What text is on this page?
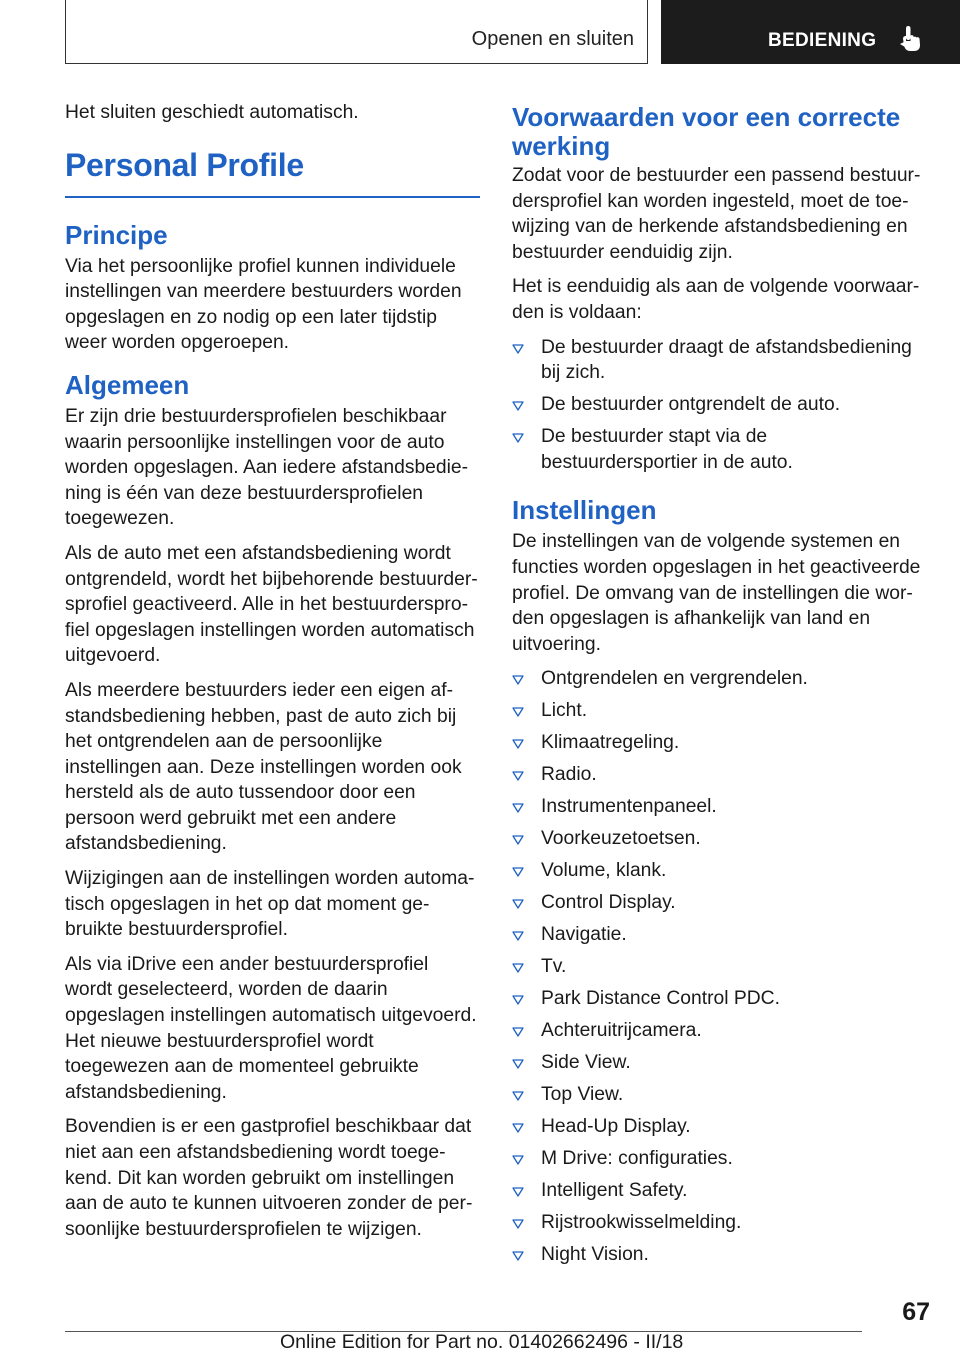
Openen en sluiten	BEDIENING

Het sluiten geschiedt automatisch.

Personal Profile
Principe

Via het persoonlijke profiel kunnen individuele instellingen van meerdere bestuurders worden opgeslagen en zo nodig op een later tijdstip weer worden opgeroepen.

Algemeen

Er zijn drie bestuurdersprofielen beschikbaar waarin persoonlijke instellingen voor de auto worden opgeslagen. Aan iedere afstandsbediening is één van deze bestuurdersprofielen toegewezen.

Als de auto met een afstandsbediening wordt ontgrendeld, wordt het bijbehorende bestuurdersprofiel geactiveerd. Alle in het bestuurdersprofiel opgeslagen instellingen worden automatisch uitgevoerd.

Als meerdere bestuurders ieder een eigen afstandsbediening hebben, past de auto zich bij het ontgrendelen aan de persoonlijke instellingen aan. Deze instellingen worden ook hersteld als de auto tussendoor door een persoon werd gebruikt met een andere afstandsbediening.

Wijzigingen aan de instellingen worden automatisch opgeslagen in het op dat moment gebruikte bestuurdersprofiel.

Als via iDrive een ander bestuurdersprofiel wordt geselecteerd, worden de daarin opgeslagen instellingen automatisch uitgevoerd. Het nieuwe bestuurdersprofiel wordt toegewezen aan de momenteel gebruikte afstandsbediening.

Bovendien is er een gastprofiel beschikbaar dat niet aan een afstandsbediening wordt toegekend. Dit kan worden gebruikt om instellingen aan de auto te kunnen uitvoeren zonder de persoonlijke bestuurdersprofielen te wijzigen.

Voorwaarden voor een correcte werking

Zodat voor de bestuurder een passend bestuurdersprofiel kan worden ingesteld, moet de toewijzing van de herkende afstandsbediening en bestuurder eenduidig zijn.

Het is eenduidig als aan de volgende voorwaarden is voldaan:

De bestuurder draagt de afstandsbediening bij zich.
De bestuurder ontgrendelt de auto.
De bestuurder stapt via de bestuurdersportier in de auto.
Instellingen

De instellingen van de volgende systemen en functies worden opgeslagen in het geactiveerde profiel. De omvang van de instellingen die worden opgeslagen is afhankelijk van land en uitvoering.

Ontgrendelen en vergrendelen.
Licht.
Klimaatregeling.
Radio.
Instrumentenpaneel.
Voorkeuzetoetsen.
Volume, klank.
Control Display.
Navigatie.
Tv.
Park Distance Control PDC.
Achteruitrijcamera.
Side View.
Top View.
Head-Up Display.
M Drive: configuraties.
Intelligent Safety.
Rijstrookwisselmelding.
Night Vision.
67
Online Edition for Part no. 01402662496 - II/18
